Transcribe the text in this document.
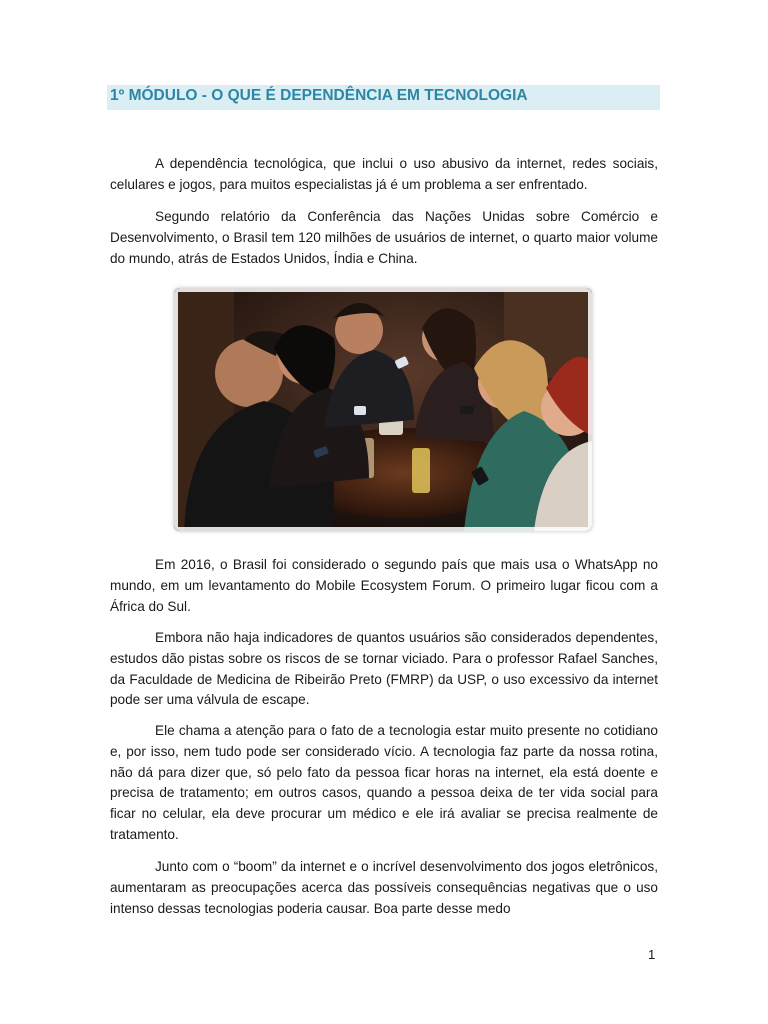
1º MÓDULO - O QUE É DEPENDÊNCIA EM TECNOLOGIA

A dependência tecnológica, que inclui o uso abusivo da internet, redes sociais, celulares e jogos, para muitos especialistas já é um problema a ser enfrentado.

Segundo relatório da Conferência das Nações Unidas sobre Comércio e Desenvolvimento, o Brasil tem 120 milhões de usuários de internet, o quarto maior volume do mundo, atrás de Estados Unidos, Índia e China.

Em 2016, o Brasil foi considerado o segundo país que mais usa o WhatsApp no mundo, em um levantamento do Mobile Ecosystem Forum. O primeiro lugar ficou com a África do Sul.

Embora não haja indicadores de quantos usuários são considerados dependentes, estudos dão pistas sobre os riscos de se tornar viciado. Para o professor Rafael Sanches, da Faculdade de Medicina de Ribeirão Preto (FMRP) da USP, o uso excessivo da internet pode ser uma válvula de escape.

Ele chama a atenção para o fato de a tecnologia estar muito presente no cotidiano e, por isso, nem tudo pode ser considerado vício. A tecnologia faz parte da nossa rotina, não dá para dizer que, só pelo fato da pessoa ficar horas na internet, ela está doente e precisa de tratamento; em outros casos, quando a pessoa deixa de ter vida social para ficar no celular, ela deve procurar um médico e ele irá avaliar se precisa realmente de tratamento.

Junto com o “boom” da internet e o incrível desenvolvimento dos jogos eletrônicos, aumentaram as preocupações acerca das possíveis consequências negativas que o uso intenso dessas tecnologias poderia causar. Boa parte desse medo

1
